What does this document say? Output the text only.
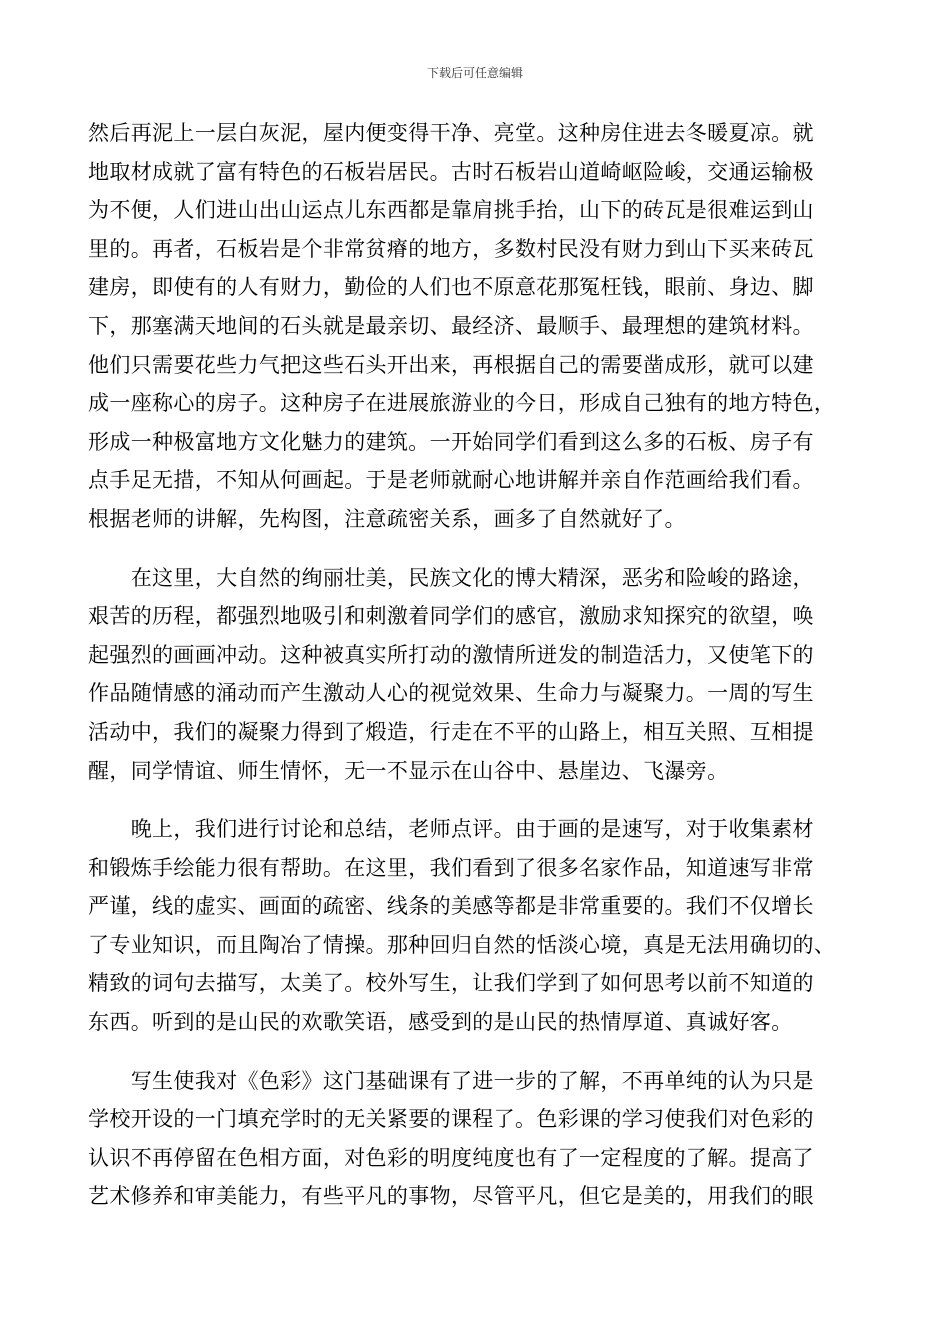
下载后可任意编辑
然后再泥上一层白灰泥，屋内便变得干净、亮堂。这种房住进去冬暖夏凉。就
地取材成就了富有特色的石板岩居民。古时石板岩山道崎岖险峻，交通运输极
为不便，人们进山出山运点儿东西都是靠肩挑手抬，山下的砖瓦是很难运到山
里的。再者，石板岩是个非常贫瘠的地方，多数村民没有财力到山下买来砖瓦
建房，即使有的人有财力，勤俭的人们也不原意花那冤枉钱，眼前、身边、脚
下，那塞满天地间的石头就是最亲切、最经济、最顺手、最理想的建筑材料。
他们只需要花些力气把这些石头开出来，再根据自己的需要凿成形，就可以建
成一座称心的房子。这种房子在进展旅游业的今日，形成自己独有的地方特色，
形成一种极富地方文化魅力的建筑。一开始同学们看到这么多的石板、房子有
点手足无措，不知从何画起。于是老师就耐心地讲解并亲自作范画给我们看。
根据老师的讲解，先构图，注意疏密关系，画多了自然就好了。
　　在这里，大自然的绚丽壮美，民族文化的博大精深，恶劣和险峻的路途，
艰苦的历程，都强烈地吸引和刺激着同学们的感官，激励求知探究的欲望，唤
起强烈的画画冲动。这种被真实所打动的激情所迸发的制造活力，又使笔下的
作品随情感的涌动而产生激动人心的视觉效果、生命力与凝聚力。一周的写生
活动中，我们的凝聚力得到了煅造，行走在不平的山路上，相互关照、互相提
醒，同学情谊、师生情怀，无一不显示在山谷中、悬崖边、飞瀑旁。
　　晚上，我们进行讨论和总结，老师点评。由于画的是速写，对于收集素材
和锻炼手绘能力很有帮助。在这里，我们看到了很多名家作品，知道速写非常
严谨，线的虚实、画面的疏密、线条的美感等都是非常重要的。我们不仅增长
了专业知识，而且陶冶了情操。那种回归自然的恬淡心境，真是无法用确切的、
精致的词句去描写，太美了。校外写生，让我们学到了如何思考以前不知道的
东西。听到的是山民的欢歌笑语，感受到的是山民的热情厚道、真诚好客。
　　写生使我对《色彩》这门基础课有了进一步的了解，不再单纯的认为只是
学校开设的一门填充学时的无关紧要的课程了。色彩课的学习使我们对色彩的
认识不再停留在色相方面，对色彩的明度纯度也有了一定程度的了解。提高了
艺术修养和审美能力，有些平凡的事物，尽管平凡，但它是美的，用我们的眼
